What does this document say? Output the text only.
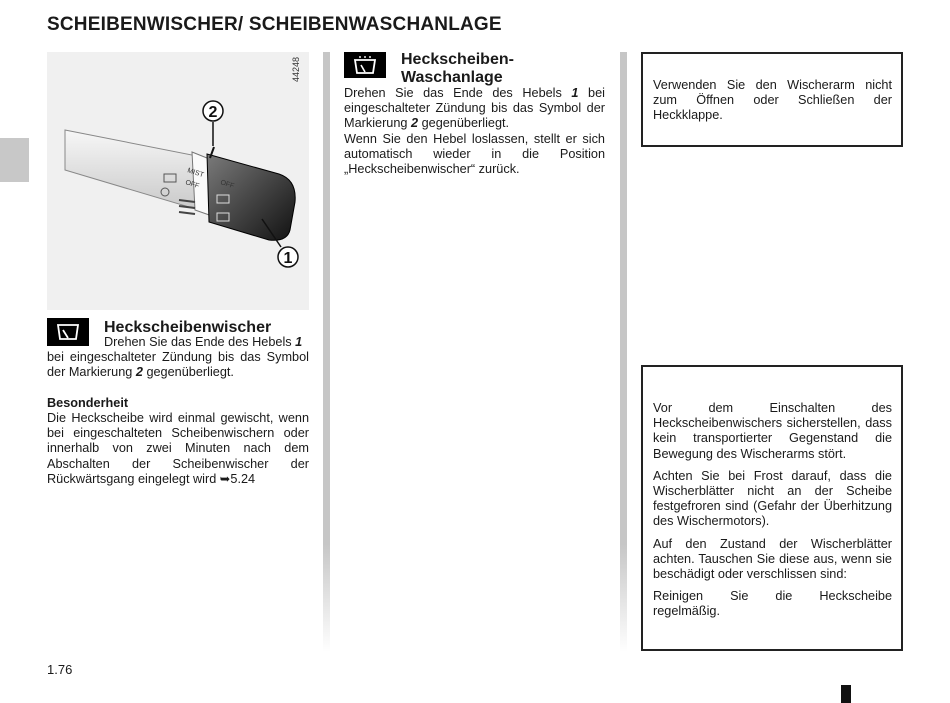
SCHEIBENWISCHER/ SCHEIBENWASCHANLAGE
MIST
OFF	OFF
2
1
44248
Heckscheibenwischer
Drehen Sie das Ende des Hebels 1
bei eingeschalteter Zündung bis das Symbol der Markierung 2 gegenüberliegt.
Besonderheit
Die Heckscheibe wird einmal gewischt, wenn bei eingeschalteten Scheibenwischern oder innerhalb von zwei Minuten nach dem Abschalten der Scheibenwischer der Rückwärtsgang eingelegt wird ➥5.24
Heckscheiben-
Waschanlage

Drehen Sie das Ende des Hebels 1 bei eingeschalteter Zündung bis das Symbol der Markierung 2 gegenüberliegt.

Wenn Sie den Hebel loslassen, stellt er sich automatisch wieder in die Position „Heckscheibenwischer“ zurück.

Verwenden Sie den Wischerarm nicht zum Öffnen oder Schließen der Heckklappe.

Vor dem Einschalten des Heckscheibenwischers sicherstellen, dass kein transportierter Gegenstand die Bewegung des Wischerarms stört.

Achten Sie bei Frost darauf, dass die Wischerblätter nicht an der Scheibe festgefroren sind (Gefahr der Überhitzung des Wischermotors).

Auf den Zustand der Wischerblätter achten. Tauschen Sie diese aus, wenn sie beschädigt oder verschlissen sind:

Reinigen Sie die Heckscheibe regelmäßig.

1.76
